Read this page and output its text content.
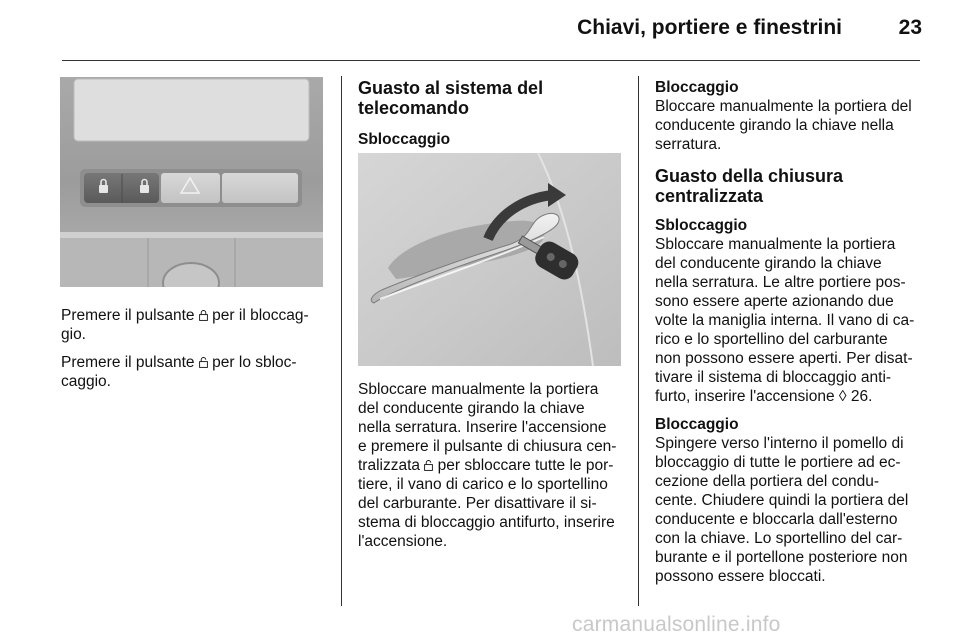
Chiavi, portiere e finestrini	23

Premere il pulsante  per il bloccag-
gio.

Premere il pulsante  per lo sbloc-
caggio.

Guasto al sistema del
telecomando
Sbloccaggio
Sbloccare manualmente la portiera
del conducente girando la chiave
nella serratura. Inserire l'accensione
e premere il pulsante di chiusura cen-
tralizzata  per sbloccare tutte le por-
tiere, il vano di carico e lo sportellino
del carburante. Per disattivare il si-
stema di bloccaggio antifurto, inserire
l'accensione.
Bloccaggio
Bloccare manualmente la portiera del
conducente girando la chiave nella
serratura.
Guasto della chiusura
centralizzata
Sbloccaggio
Sbloccare manualmente la portiera
del conducente girando la chiave
nella serratura. Le altre portiere pos-
sono essere aperte azionando due
volte la maniglia interna. Il vano di ca-
rico e lo sportellino del carburante
non possono essere aperti. Per disat-
tivare il sistema di bloccaggio anti-
furto, inserire l'accensione ◊ 26.
Bloccaggio
Spingere verso l'interno il pomello di
bloccaggio di tutte le portiere ad ec-
cezione della portiera del condu-
cente. Chiudere quindi la portiera del
conducente e bloccarla dall'esterno
con la chiave. Lo sportellino del car-
burante e il portellone posteriore non
possono essere bloccati.
carmanualsonline.info
